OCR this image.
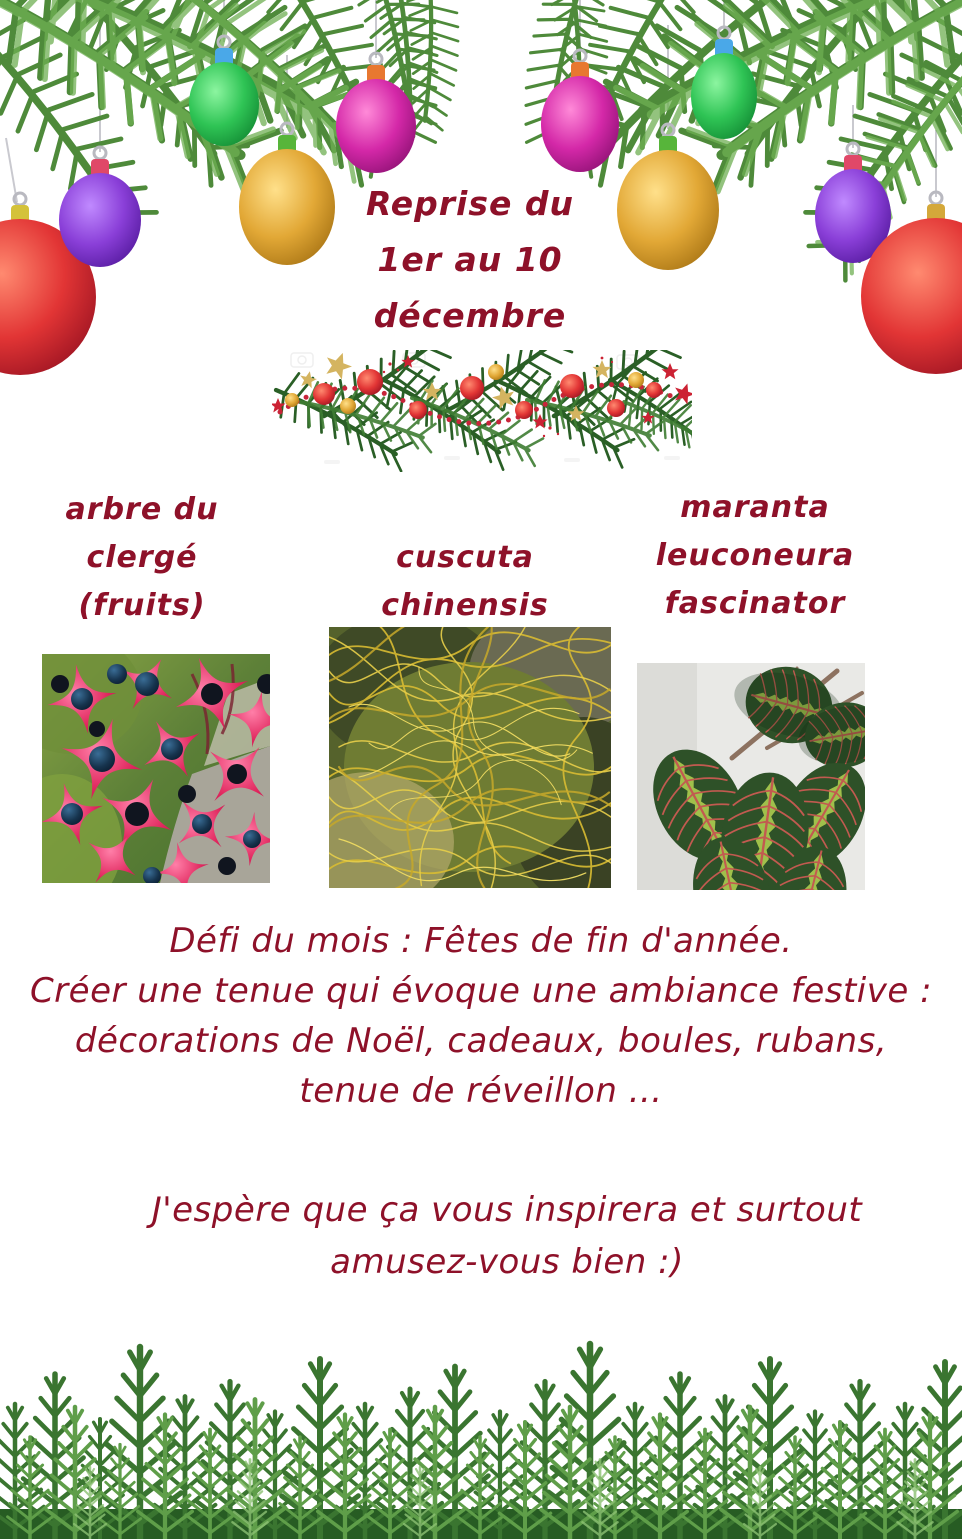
Reprise du
1er au 10
décembre
arbre du
clergé
(fruits)
cuscuta
chinensis
maranta
leuconeura
fascinator
Défi du mois : Fêtes de fin d'année.
Créer une tenue qui évoque une ambiance festive :
décorations de Noël, cadeaux, boules, rubans,
tenue de réveillon ...
J'espère que ça vous inspirera et surtout
amusez-vous bien :)
